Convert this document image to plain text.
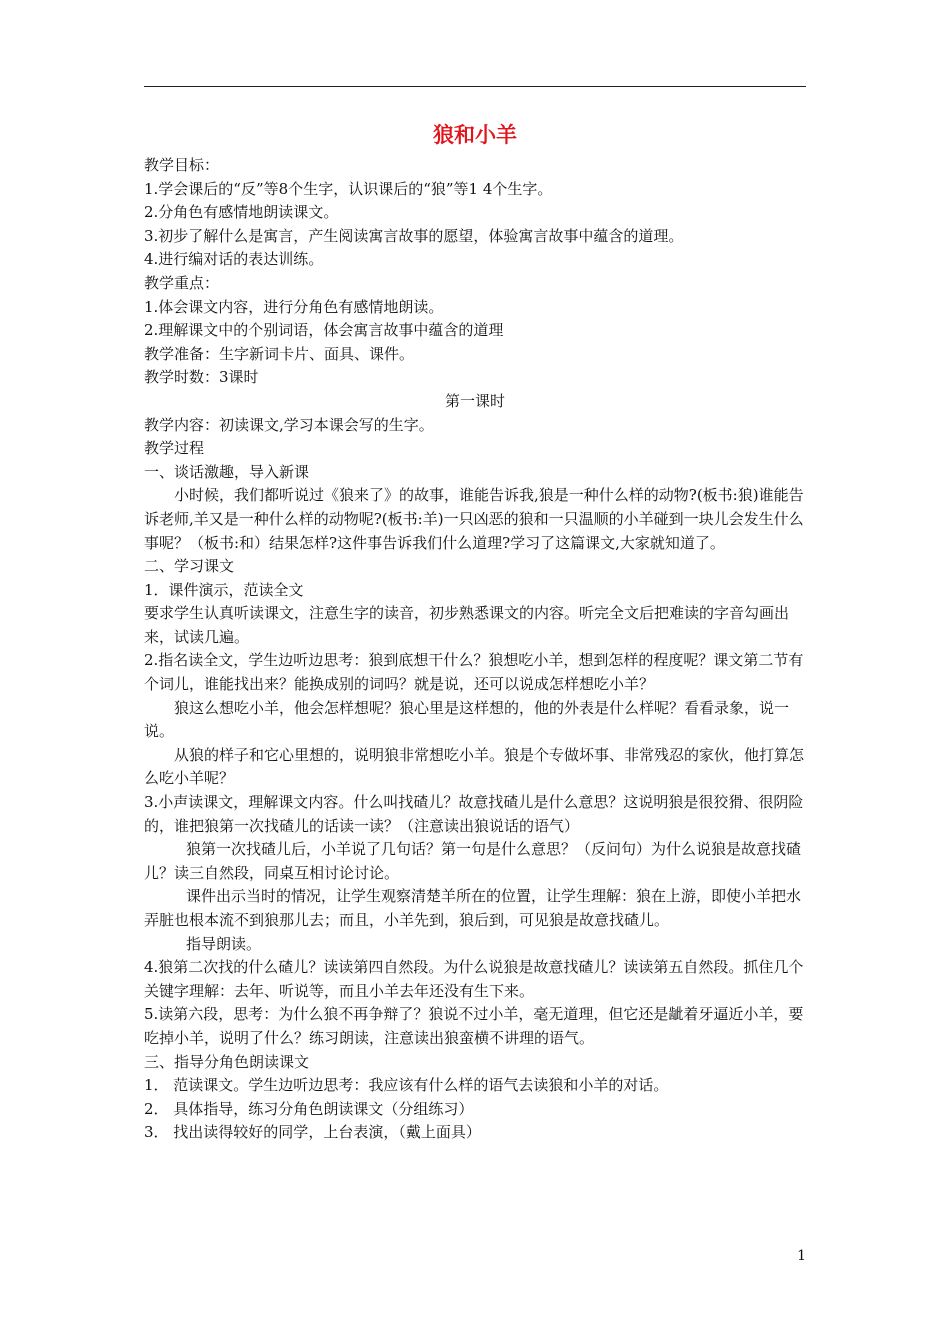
狼和小羊

教学目标：

1.学会课后的“反”等8个生字，认识课后的“狼”等1 4个生字。

2.分角色有感情地朗读课文。

3.初步了解什么是寓言，产生阅读寓言故事的愿望，体验寓言故事中蕴含的道理。

4.进行编对话的表达训练。

教学重点：

1.体会课文内容，进行分角色有感情地朗读。

2.理解课文中的个别词语，体会寓言故事中蕴含的道理

教学准备：生字新词卡片、面具、课件。

教学时数：3课时

第一课时

教学内容：初读课文,学习本课会写的生字。

教学过程

一、谈话激趣，导入新课

小时候，我们都听说过《狼来了》的故事，谁能告诉我,狼是一种什么样的动物?(板书:狼)谁能告诉老师,羊又是一种什么样的动物呢?(板书:羊)一只凶恶的狼和一只温顺的小羊碰到一块儿会发生什么事呢？（板书:和）结果怎样?这件事告诉我们什么道理?学习了这篇课文,大家就知道了。

二、学习课文

1．课件演示，范读全文

要求学生认真听读课文，注意生字的读音，初步熟悉课文的内容。听完全文后把难读的字音勾画出来，试读几遍。

2.指名读全文，学生边听边思考：狼到底想干什么？狼想吃小羊，想到怎样的程度呢？课文第二节有个词儿，谁能找出来？能换成别的词吗？就是说，还可以说成怎样想吃小羊？

狼这么想吃小羊，他会怎样想呢？狼心里是这样想的，他的外表是什么样呢？看看录象，说一说。

从狼的样子和它心里想的，说明狼非常想吃小羊。狼是个专做坏事、非常残忍的家伙，他打算怎么吃小羊呢？

3.小声读课文，理解课文内容。什么叫找碴儿？故意找碴儿是什么意思？这说明狼是很狡猾、很阴险的，谁把狼第一次找碴儿的话读一读？（注意读出狼说话的语气）

狼第一次找碴儿后，小羊说了几句话？第一句是什么意思？（反问句）为什么说狼是故意找碴儿？读三自然段，同桌互相讨论讨论。

课件出示当时的情况，让学生观察清楚羊所在的位置，让学生理解：狼在上游，即使小羊把水弄脏也根本流不到狼那儿去；而且，小羊先到，狼后到，可见狼是故意找碴儿。

指导朗读。

4.狼第二次找的什么碴儿？读读第四自然段。为什么说狼是故意找碴儿？读读第五自然段。抓住几个关键字理解：去年、听说等，而且小羊去年还没有生下来。

5.读第六段，思考：为什么狼不再争辩了？狼说不过小羊，毫无道理，但它还是龇着牙逼近小羊，要吃掉小羊，说明了什么？练习朗读，注意读出狼蛮横不讲理的语气。

三、指导分角色朗读课文

1． 范读课文。学生边听边思考：我应该有什么样的语气去读狼和小羊的对话。

2． 具体指导，练习分角色朗读课文（分组练习）

3． 找出读得较好的同学，上台表演，（戴上面具）

1
